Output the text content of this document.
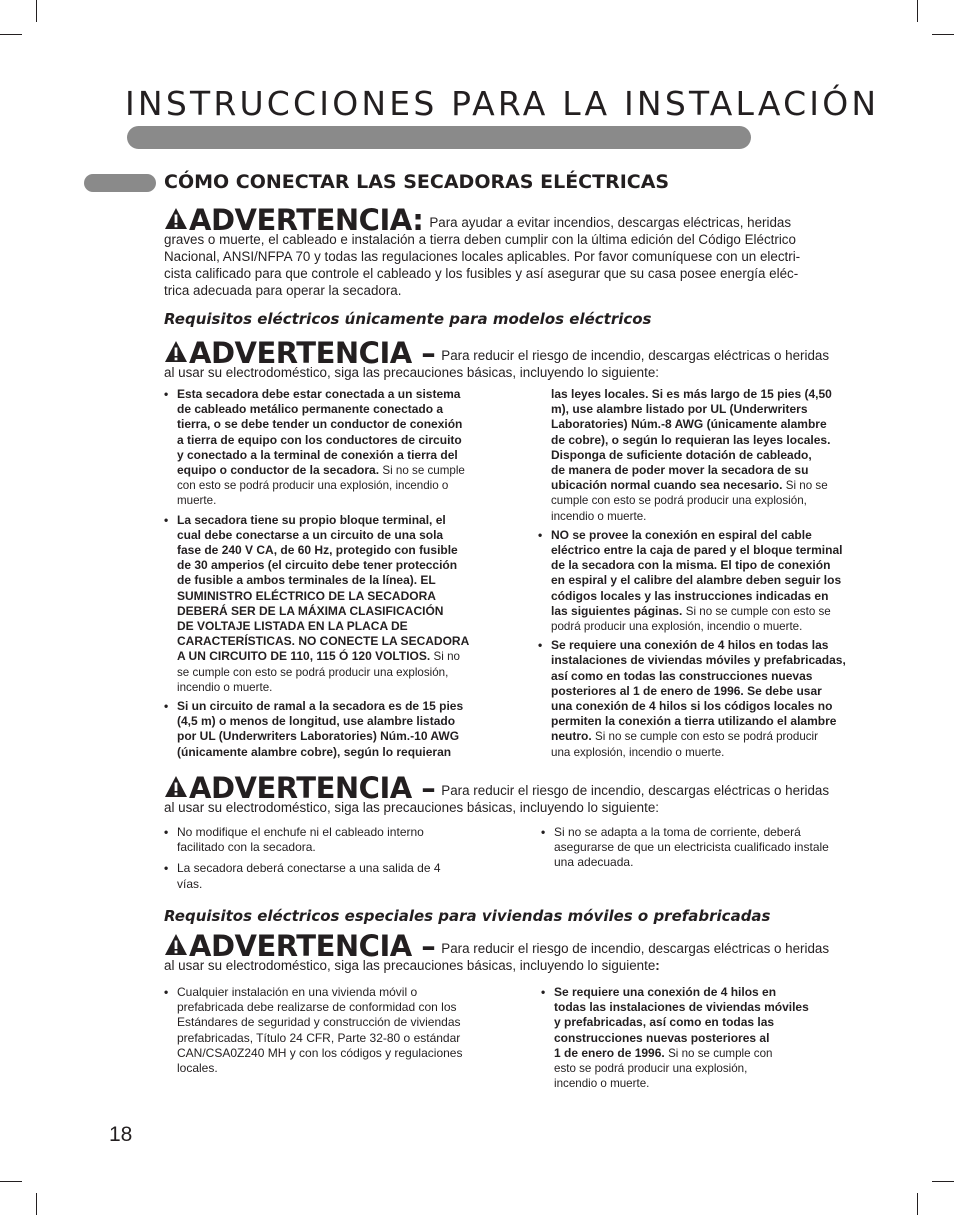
INSTRUCCIONES PARA LA INSTALACIÓN
CÓMO CONECTAR LAS SECADORAS ELÉCTRICAS
ADVERTENCIA: Para ayudar a evitar incendios, descargas eléctricas, heridas
graves o muerte, el cableado e instalación a tierra deben cumplir con la última edición del Código Eléctrico
Nacional, ANSI/NFPA 70 y todas las regulaciones locales aplicables. Por favor comuníquese con un electri-
cista calificado para que controle el cableado y los fusibles y así asegurar que su casa posee energía eléc-
trica adecuada para operar la secadora.
Requisitos eléctricos únicamente para modelos eléctricos
ADVERTENCIA – Para reducir el riesgo de incendio, descargas eléctricas o heridas
al usar su electrodoméstico, siga las precauciones básicas, incluyendo lo siguiente:
• Esta secadora debe estar conectada a un sistema
de cableado metálico permanente conectado a
tierra, o se debe tender un conductor de conexión
a tierra de equipo con los conductores de circuito
y conectado a la terminal de conexión a tierra del
equipo o conductor de la secadora. Si no se cumple
con esto se podrá producir una explosión, incendio o
muerte.
• La secadora tiene su propio bloque terminal, el
cual debe conectarse a un circuito de una sola
fase de 240 V CA, de 60 Hz, protegido con fusible
de 30 amperios (el circuito debe tener protección
de fusible a ambos terminales de la línea). EL
SUMINISTRO ELÉCTRICO DE LA SECADORA
DEBERÁ SER DE LA MÁXIMA CLASIFICACIÓN
DE VOLTAJE LISTADA EN LA PLACA DE
CARACTERÍSTICAS. NO CONECTE LA SECADORA
A UN CIRCUITO DE 110, 115 Ó 120 VOLTIOS. Si no
se cumple con esto se podrá producir una explosión,
incendio o muerte.
• Si un circuito de ramal a la secadora es de 15 pies
(4,5 m) o menos de longitud, use alambre listado
por UL (Underwriters Laboratories) Núm.-10 AWG
(únicamente alambre cobre), según lo requieran
las leyes locales. Si es más largo de 15 pies (4,50
m), use alambre listado por UL (Underwriters
Laboratories) Núm.-8 AWG (únicamente alambre
de cobre), o según lo requieran las leyes locales.
Disponga de suficiente dotación de cableado,
de manera de poder mover la secadora de su
ubicación normal cuando sea necesario. Si no se
cumple con esto se podrá producir una explosión,
incendio o muerte.
• NO se provee la conexión en espiral del cable
eléctrico entre la caja de pared y el bloque terminal
de la secadora con la misma. El tipo de conexión
en espiral y el calibre del alambre deben seguir los
códigos locales y las instrucciones indicadas en
las siguientes páginas. Si no se cumple con esto se
podrá producir una explosión, incendio o muerte.
• Se requiere una conexión de 4 hilos en todas las
instalaciones de viviendas móviles y prefabricadas,
así como en todas las construcciones nuevas
posteriores al 1 de enero de 1996. Se debe usar
una conexión de 4 hilos si los códigos locales no
permiten la conexión a tierra utilizando el alambre
neutro. Si no se cumple con esto se podrá producir
una explosión, incendio o muerte.
ADVERTENCIA – Para reducir el riesgo de incendio, descargas eléctricas o heridas
al usar su electrodoméstico, siga las precauciones básicas, incluyendo lo siguiente:
• No modifique el enchufe ni el cableado interno
facilitado con la secadora.
• La secadora deberá conectarse a una salida de 4
vías.
• Si no se adapta a la toma de corriente, deberá
asegurarse de que un electricista cualificado instale
una adecuada.
Requisitos eléctricos especiales para viviendas móviles o prefabricadas
ADVERTENCIA – Para reducir el riesgo de incendio, descargas eléctricas o heridas
al usar su electrodoméstico, siga las precauciones básicas, incluyendo lo siguiente:
• Cualquier instalación en una vivienda móvil o
prefabricada debe realizarse de conformidad con los
Estándares de seguridad y construcción de viviendas
prefabricadas, Título 24 CFR, Parte 32-80 o estándar
CAN/CSA0Z240 MH y con los códigos y regulaciones
locales.
• Se requiere una conexión de 4 hilos en
todas las instalaciones de viviendas móviles
y prefabricadas, así como en todas las
construcciones nuevas posteriores al
1 de enero de 1996. Si no se cumple con
esto se podrá producir una explosión,
incendio o muerte.
18
